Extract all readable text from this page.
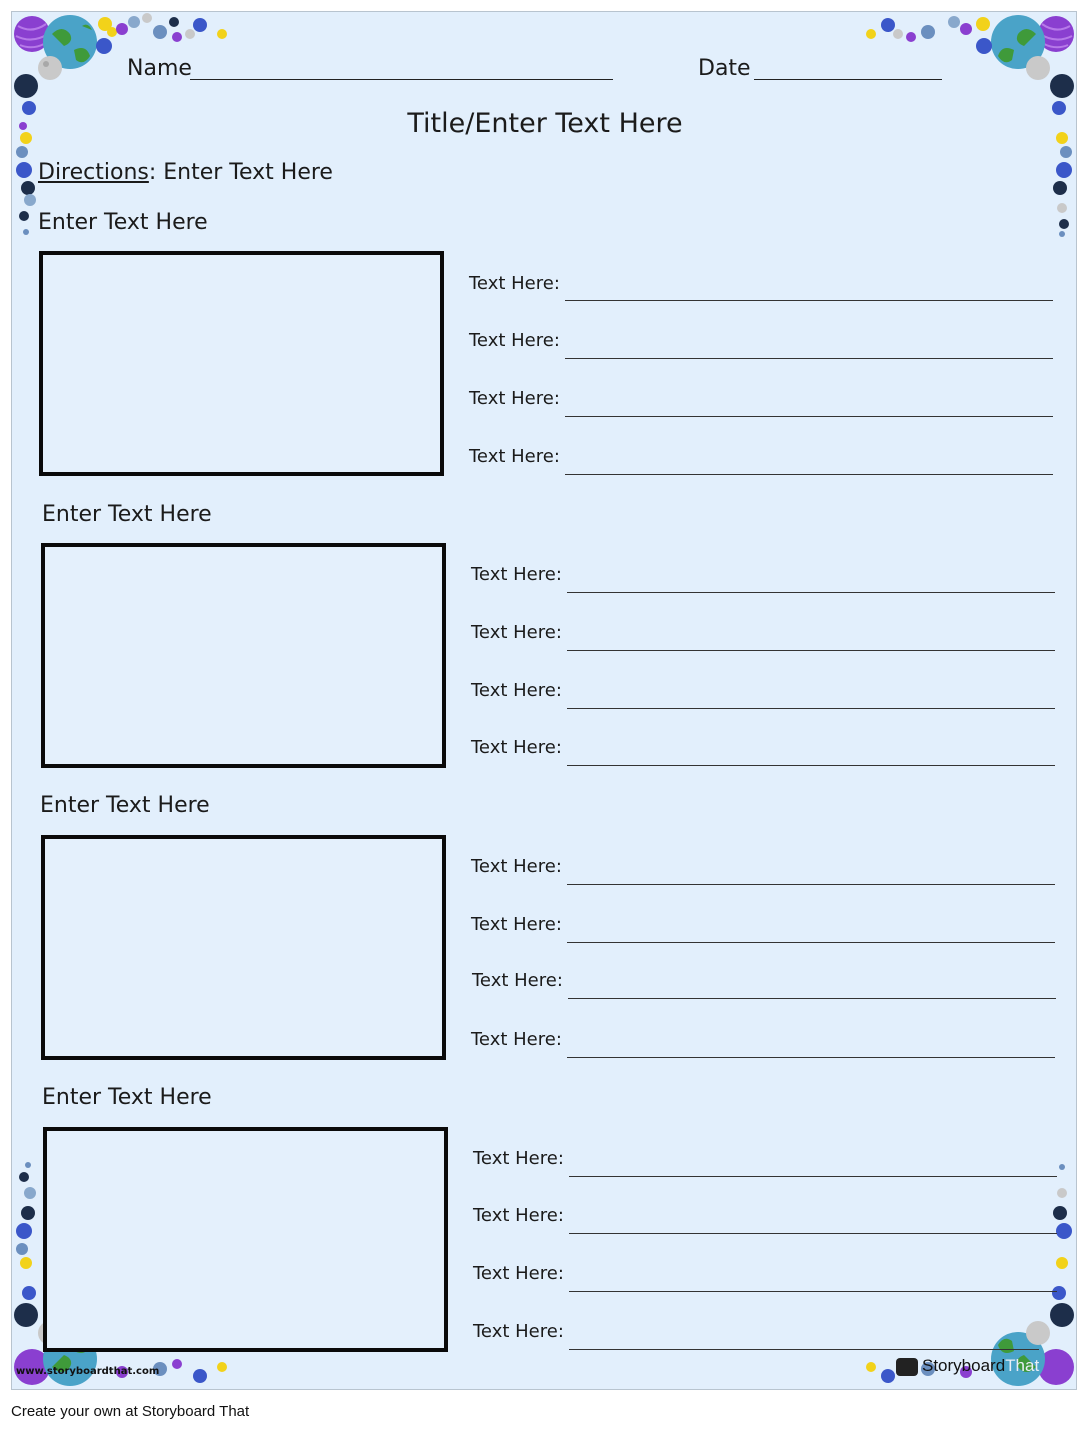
Name	Date
Title/Enter Text Here
Directions: Enter Text Here
Enter Text Here
Text Here:
Text Here:
Text Here:
Text Here:
Enter Text Here
Text Here:
Text Here:
Text Here:
Text Here:
Enter Text Here
Text Here:
Text Here:
Text Here:
Text Here:
Enter Text Here
Text Here:
Text Here:
Text Here:
Text Here:
www.storyboardthat.com	StoryboardThat
Create your own at Storyboard That
